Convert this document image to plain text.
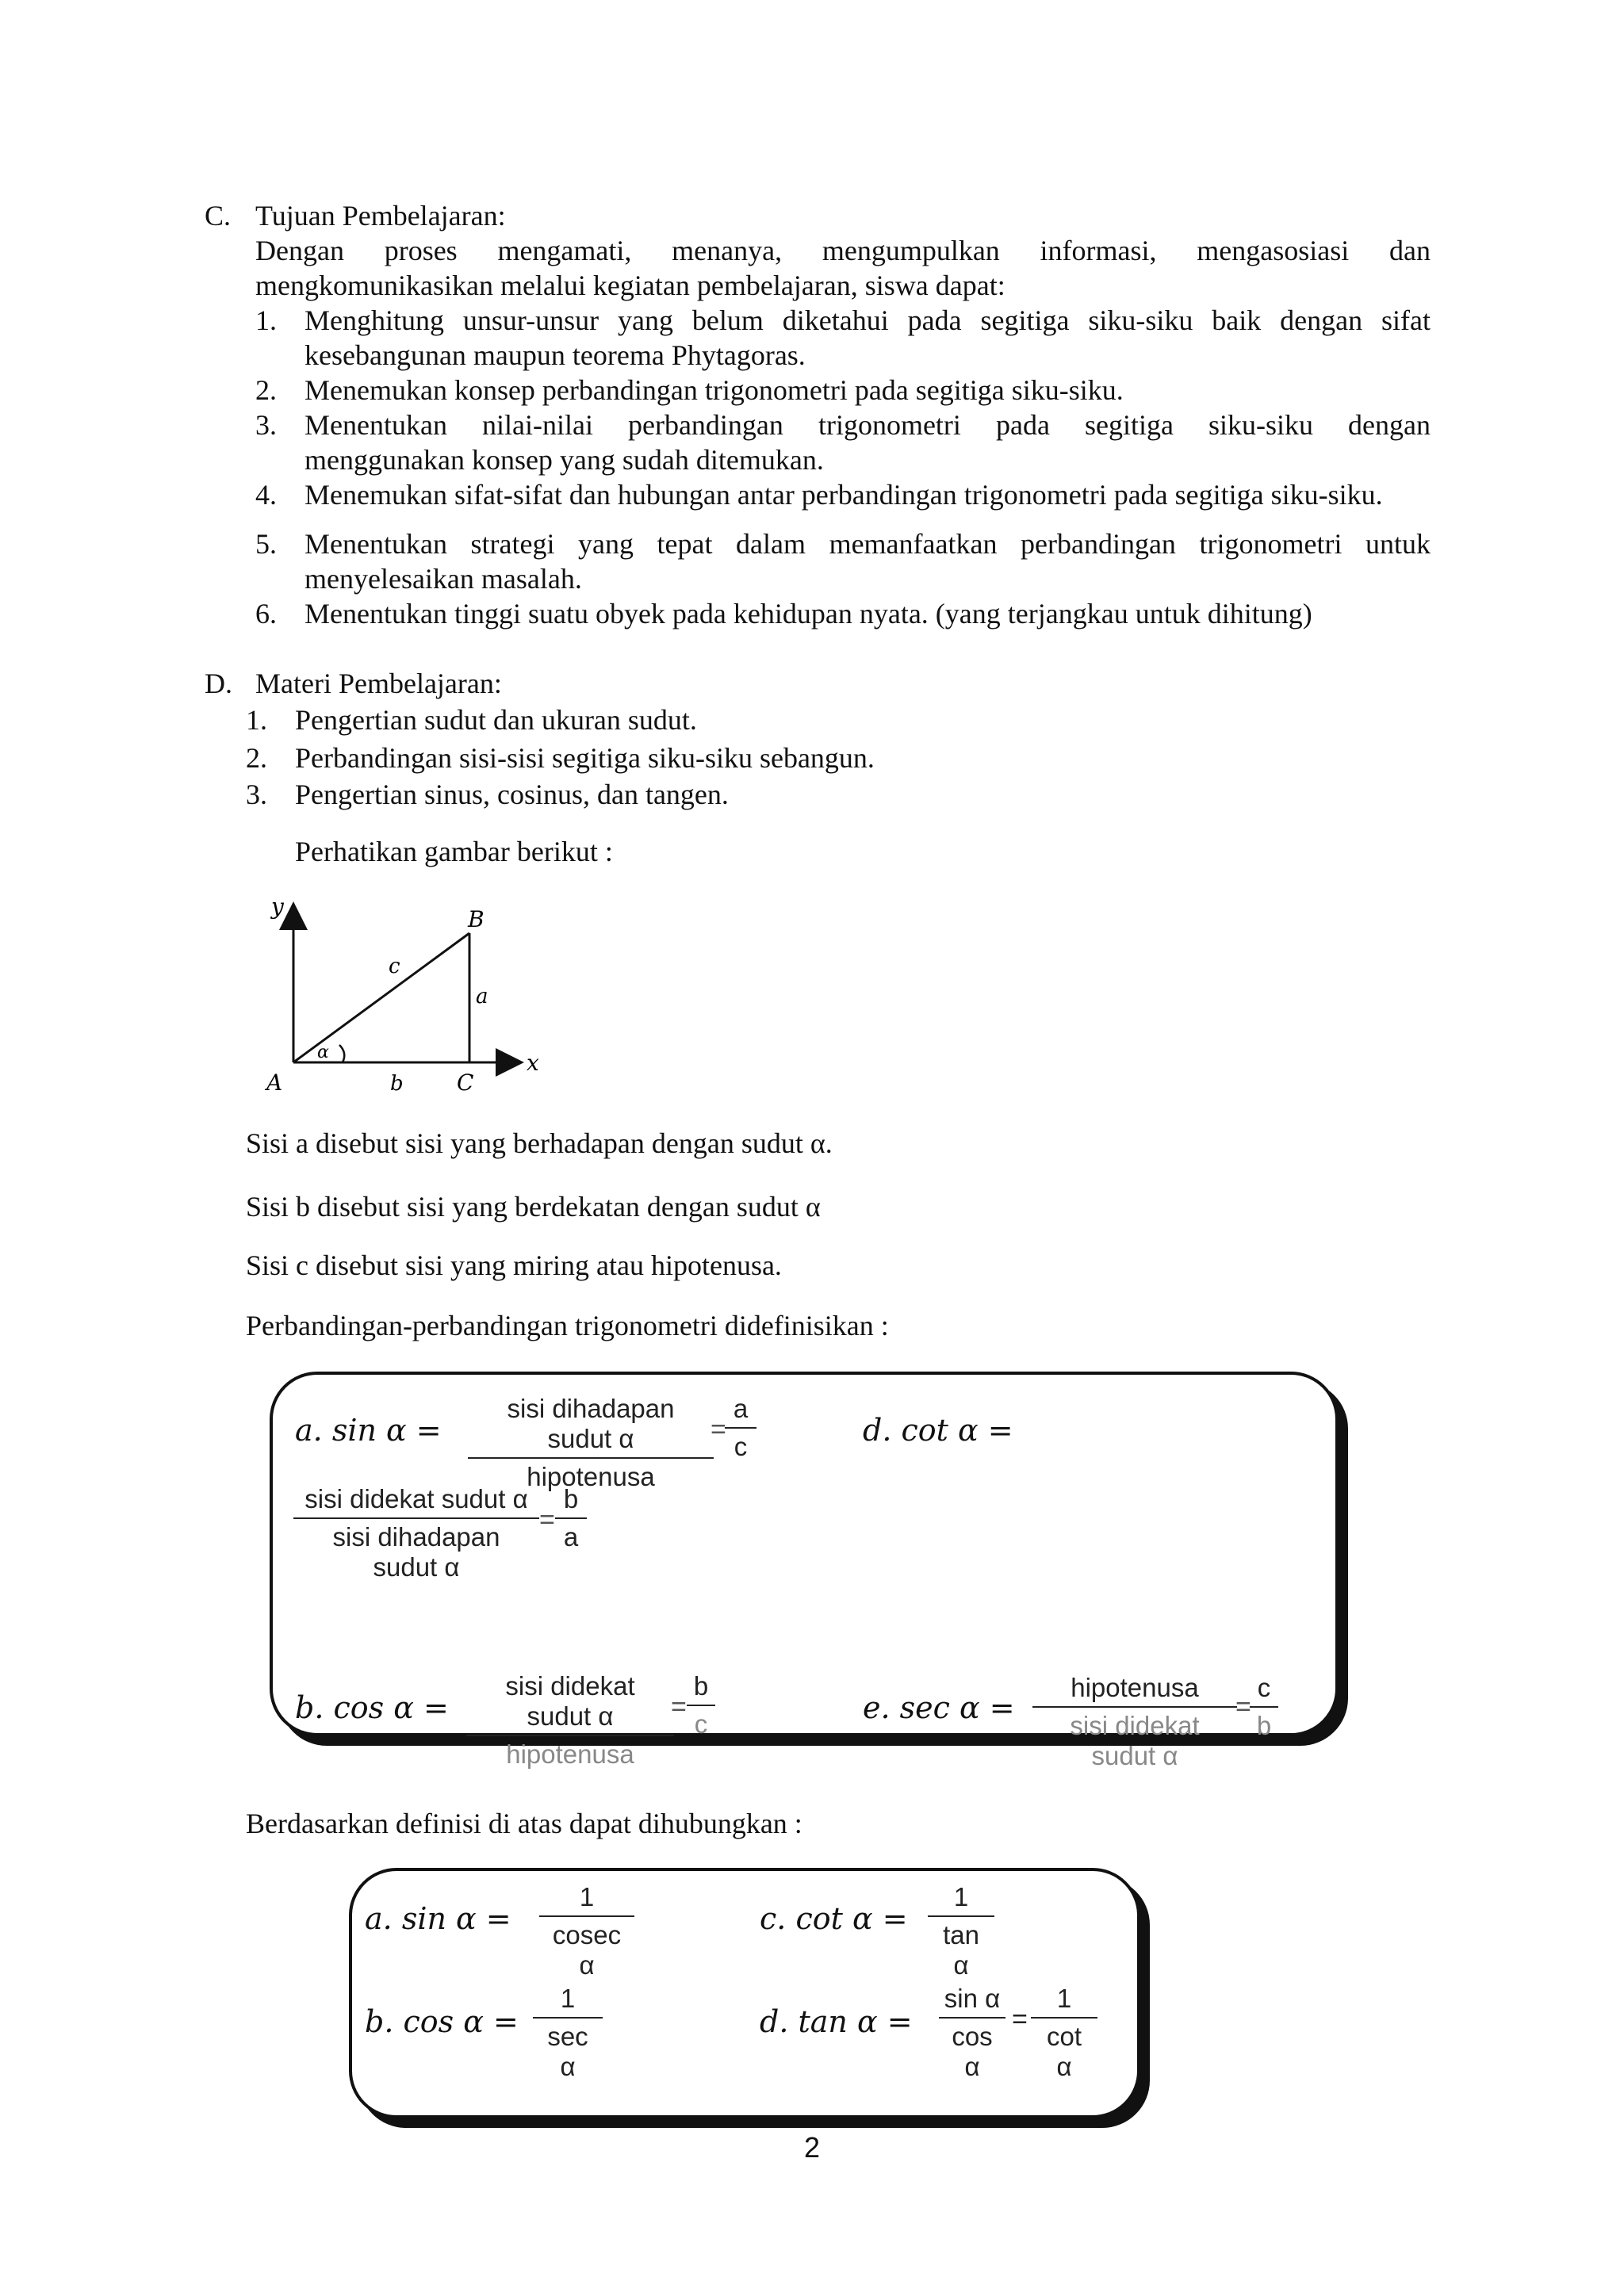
C. Tujuan Pembelajaran:
Dengan proses mengamati, menanya, mengumpulkan informasi, mengasosiasi dan
mengkomunikasikan melalui kegiatan pembelajaran, siswa dapat:
1. Menghitung unsur-unsur yang belum diketahui pada segitiga siku-siku baik dengan sifat
kesebangunan maupun teorema Phytagoras.
2. Menemukan konsep perbandingan trigonometri pada segitiga siku-siku.
3. Menentukan nilai-nilai perbandingan trigonometri pada segitiga siku-siku dengan
menggunakan konsep yang sudah ditemukan.
4. Menemukan sifat-sifat dan hubungan antar perbandingan trigonometri pada segitiga siku-siku.
5. Menentukan strategi yang tepat dalam memanfaatkan perbandingan trigonometri untuk
menyelesaikan masalah.
6. Menentukan tinggi suatu obyek pada kehidupan nyata. (yang terjangkau untuk dihitung)
D. Materi Pembelajaran:
1. Pengertian sudut dan ukuran sudut.
2. Perbandingan sisi-sisi segitiga siku-siku sebangun.
3. Pengertian sinus, cosinus, dan tangen.
Perhatikan gambar berikut :
y
x
A
B
C
a
b
c
α
Sisi a disebut sisi yang berhadapan dengan sudut α.
Sisi b disebut sisi yang berdekatan dengan sudut α
Sisi c disebut sisi yang miring atau hipotenusa.
Perbandingan-perbandingan trigonometri didefinisikan :
a. sin α =
sisi dihadapan sudut α
hipotenusa
=
$\frac{a}{c}$	d. cot α =
sisi didekat sudut α
sisi dihadapan sudut α
= $\frac{b}{a}$
b. cos α =
sisi didekat sudut α
hipotenusa
= $\frac{b}{c}$	e. sec α =
hipotenusa
sisi didekat sudut α
=
$\frac{c}{b}$
Berdasarkan definisi di atas dapat dihubungkan :
a. sin α =
1
coseс α
c. $\cot \alpha = \frac{1}{\text{tan α}}$
b. cos α =
1
sec α
d. $\tan \alpha = \frac{\text{sin α}}{\text{cos α}} = \frac{1}{\text{cot α}}$
2
